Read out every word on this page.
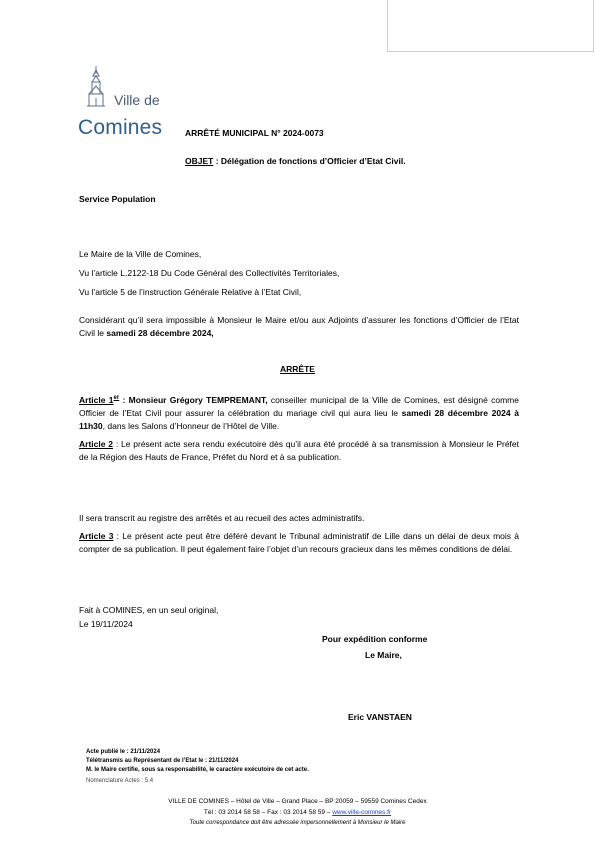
Ville de
Comines	ARRÊTÉ MUNICIPAL N° 2024-0073
OBJET : Délégation de fonctions d’Officier d’Etat Civil.
Service Population
Le Maire de la Ville de Comines,
Vu l’article L.2122-18 Du Code Général des Collectivités Territoriales,
Vu l’article 5 de l’instruction Générale Relative à l’Etat Civil,
Considérant qu’il sera impossible à Monsieur le Maire et/ou aux Adjoints d’assurer les fonctions d’Officier de l’Etat Civil le samedi 28 décembre 2024,
ARRÊTE
Article 1er : Monsieur Grégory TEMPREMANT, conseiller municipal de la Ville de Comines, est désigné comme Officier de l’Etat Civil pour assurer la célébration du mariage civil qui aura lieu le samedi 28 décembre 2024 à 11h30, dans les Salons d’Honneur de l’Hôtel de Ville.
Article 2 : Le présent acte sera rendu exécutoire dès qu’il aura été procédé à sa transmission à Monsieur le Préfet de la Région des Hauts de France, Préfet du Nord et à sa publication.
Il sera transcrit au registre des arrêtés et au recueil des actes administratifs.
Article 3 : Le présent acte peut être déféré devant le Tribunal administratif de Lille dans un délai de deux mois à compter de sa publication. Il peut également faire l’objet d’un recours gracieux dans les mêmes conditions de délai.
Fait à COMINES, en un seul original,
Le 19/11/2024
Pour expédition conforme
Le Maire,
Eric VANSTAEN
Acte publié le : 21/11/2024
Télétransmis au Représentant de l’Etat le : 21/11/2024
M. le Maire certifie, sous sa responsabilité, le caractère exécutoire de cet acte.
Nomenclature Actes : 5.4
VILLE DE COMINES – Hôtel de Ville – Grand Place – BP 20059 – 59559 Comines Cedex
Tél : 03 2014 58 58 – Fax : 03 2014 58 59 – www.ville-comines.fr
Toute correspondance doit être adressée impersonnellement à Monsieur le Maire
